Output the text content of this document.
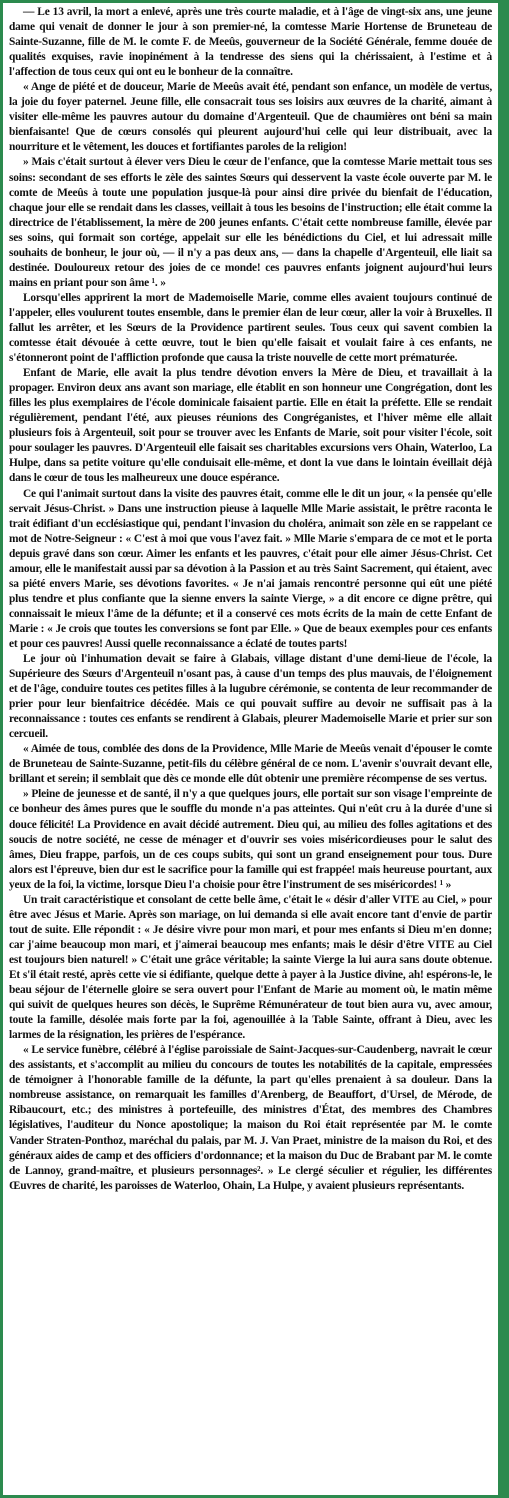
— Le 13 avril, la mort a enlevé, après une très courte maladie, et à l'âge de vingt-six ans, une jeune dame qui venait de donner le jour à son premier-né, la comtesse Marie Hortense de Bruneteau de Sainte-Suzanne, fille de M. le comte F. de Meeûs, gouverneur de la Société Générale, femme douée de qualités exquises, ravie inopinément à la tendresse des siens qui la chérissaient, à l'estime et à l'affection de tous ceux qui ont eu le bonheur de la connaître.

« Ange de piété et de douceur, Marie de Meeûs avait été, pendant son enfance, un modèle de vertus, la joie du foyer paternel. Jeune fille, elle consacrait tous ses loisirs aux œuvres de la charité, aimant à visiter elle-même les pauvres autour du domaine d'Argenteuil. Que de chaumières ont béni sa main bienfaisante! Que de cœurs consolés qui pleurent aujourd'hui celle qui leur distribuait, avec la nourriture et le vêtement, les douces et fortifiantes paroles de la religion!

» Mais c'était surtout à élever vers Dieu le cœur de l'enfance, que la comtesse Marie mettait tous ses soins: secondant de ses efforts le zèle des saintes Sœurs qui desservent la vaste école ouverte par M. le comte de Meeûs à toute une population jusque-là pour ainsi dire privée du bienfait de l'éducation, chaque jour elle se rendait dans les classes, veillait à tous les besoins de l'instruction; elle était comme la directrice de l'établissement, la mère de 200 jeunes enfants. C'était cette nombreuse famille, élevée par ses soins, qui formait son cortége, appelait sur elle les bénédictions du Ciel, et lui adressait mille souhaits de bonheur, le jour où, — il n'y a pas deux ans, — dans la chapelle d'Argenteuil, elle liait sa destinée. Douloureux retour des joies de ce monde! ces pauvres enfants joignent aujourd'hui leurs mains en priant pour son âme ¹. »

Lorsqu'elles apprirent la mort de Mademoiselle Marie, comme elles avaient toujours continué de l'appeler, elles voulurent toutes ensemble, dans le premier élan de leur cœur, aller la voir à Bruxelles. Il fallut les arrêter, et les Sœurs de la Providence partirent seules. Tous ceux qui savent combien la comtesse était dévouée à cette œuvre, tout le bien qu'elle faisait et voulait faire à ces enfants, ne s'étonneront point de l'affliction profonde que causa la triste nouvelle de cette mort prématurée.

Enfant de Marie, elle avait la plus tendre dévotion envers la Mère de Dieu, et travaillait à la propager. Environ deux ans avant son mariage, elle établit en son honneur une Congrégation, dont les filles les plus exemplaires de l'école dominicale faisaient partie. Elle en était la préfette. Elle se rendait régulièrement, pendant l'été, aux pieuses réunions des Congréganistes, et l'hiver même elle allait plusieurs fois à Argenteuil, soit pour se trouver avec les Enfants de Marie, soit pour visiter l'école, soit pour soulager les pauvres. D'Argenteuil elle faisait ses charitables excursions vers Ohain, Waterloo, La Hulpe, dans sa petite voiture qu'elle conduisait elle-même, et dont la vue dans le lointain éveillait déjà dans le cœur de tous les malheureux une douce espérance.

Ce qui l'animait surtout dans la visite des pauvres était, comme elle le dit un jour, « la pensée qu'elle servait Jésus-Christ. » Dans une instruction pieuse à laquelle Mlle Marie assistait, le prêtre raconta le trait édifiant d'un ecclésiastique qui, pendant l'invasion du choléra, animait son zèle en se rappelant ce mot de Notre-Seigneur : « C'est à moi que vous l'avez fait. » Mlle Marie s'empara de ce mot et le porta depuis gravé dans son cœur. Aimer les enfants et les pauvres, c'était pour elle aimer Jésus-Christ. Cet amour, elle le manifestait aussi par sa dévotion à la Passion et au très Saint Sacrement, qui étaient, avec sa piété envers Marie, ses dévotions favorites. « Je n'ai jamais rencontré personne qui eût une piété plus tendre et plus confiante que la sienne envers la sainte Vierge, » a dit encore ce digne prêtre, qui connaissait le mieux l'âme de la défunte; et il a conservé ces mots écrits de la main de cette Enfant de Marie : « Je crois que toutes les conversions se font par Elle. » Que de beaux exemples pour ces enfants et pour ces pauvres! Aussi quelle reconnaissance a éclaté de toutes parts!

Le jour où l'inhumation devait se faire à Glabais, village distant d'une demi-lieue de l'école, la Supérieure des Sœurs d'Argenteuil n'osant pas, à cause d'un temps des plus mauvais, de l'éloignement et de l'âge, conduire toutes ces petites filles à la lugubre cérémonie, se contenta de leur recommander de prier pour leur bienfaitrice décédée. Mais ce qui pouvait suffire au devoir ne suffisait pas à la reconnaissance : toutes ces enfants se rendirent à Glabais, pleurer Mademoiselle Marie et prier sur son cercueil.

« Aimée de tous, comblée des dons de la Providence, Mlle Marie de Meeûs venait d'épouser le comte de Bruneteau de Sainte-Suzanne, petit-fils du célèbre général de ce nom. L'avenir s'ouvrait devant elle, brillant et serein; il semblait que dès ce monde elle dût obtenir une première récompense de ses vertus.

» Pleine de jeunesse et de santé, il n'y a que quelques jours, elle portait sur son visage l'empreinte de ce bonheur des âmes pures que le souffle du monde n'a pas atteintes. Qui n'eût cru à la durée d'une si douce félicité! La Providence en avait décidé autrement. Dieu qui, au milieu des folles agitations et des soucis de notre société, ne cesse de ménager et d'ouvrir ses voies miséricordieuses pour le salut des âmes, Dieu frappe, parfois, un de ces coups subits, qui sont un grand enseignement pour tous. Dure alors est l'épreuve, bien dur est le sacrifice pour la famille qui est frappée! mais heureuse pourtant, aux yeux de la foi, la victime, lorsque Dieu l'a choisie pour être l'instrument de ses miséricordes! ¹ »

Un trait caractéristique et consolant de cette belle âme, c'était le « désir d'aller VITE au Ciel, » pour être avec Jésus et Marie. Après son mariage, on lui demanda si elle avait encore tant d'envie de partir tout de suite. Elle répondit : « Je désire vivre pour mon mari, et pour mes enfants si Dieu m'en donne; car j'aime beaucoup mon mari, et j'aimerai beaucoup mes enfants; mais le désir d'être VITE au Ciel est toujours bien naturel! » C'était une grâce véritable; la sainte Vierge la lui aura sans doute obtenue. Et s'il était resté, après cette vie si édifiante, quelque dette à payer à la Justice divine, ah! espérons-le, le beau séjour de l'éternelle gloire se sera ouvert pour l'Enfant de Marie au moment où, le matin même qui suivit de quelques heures son décès, le Suprême Rémunérateur de tout bien aura vu, avec amour, toute la famille, désolée mais forte par la foi, agenouillée à la Table Sainte, offrant à Dieu, avec les larmes de la résignation, les prières de l'espérance.

« Le service funèbre, célébré à l'église paroissiale de Saint-Jacques-sur-Caudenberg, navrait le cœur des assistants, et s'accomplit au milieu du concours de toutes les notabilités de la capitale, empressées de témoigner à l'honorable famille de la défunte, la part qu'elles prenaient à sa douleur. Dans la nombreuse assistance, on remarquait les familles d'Arenberg, de Beauffort, d'Ursel, de Mérode, de Ribaucourt, etc.; des ministres à portefeuille, des ministres d'État, des membres des Chambres législatives, l'auditeur du Nonce apostolique; la maison du Roi était représentée par M. le comte Vander Straten-Ponthoz, maréchal du palais, par M. J. Van Praet, ministre de la maison du Roi, et des généraux aides de camp et des officiers d'ordonnance; et la maison du Duc de Brabant par M. le comte de Lannoy, grand-maître, et plusieurs personnages². » Le clergé séculier et régulier, les différentes Œuvres de charité, les paroisses de Waterloo, Ohain, La Hulpe, y avaient plusieurs représentants.
